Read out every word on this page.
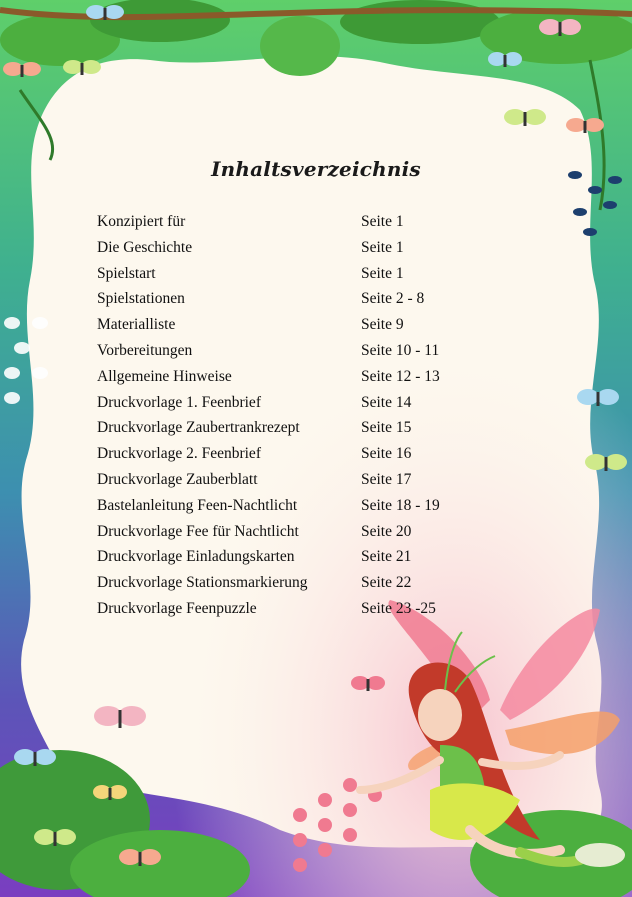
Inhaltsverzeichnis
Konzipiert für	Seite 1
Die Geschichte	Seite 1
Spielstart	Seite 1
Spielstationen	Seite 2 - 8
Materialliste	Seite 9
Vorbereitungen	Seite 10 - 11
Allgemeine Hinweise	Seite 12 - 13
Druckvorlage 1. Feenbrief	Seite 14
Druckvorlage Zaubertrankrezept	Seite 15
Druckvorlage 2. Feenbrief	Seite 16
Druckvorlage Zauberblatt	Seite 17
Bastelanleitung Feen-Nachtlicht	Seite 18 - 19
Druckvorlage Fee für Nachtlicht	Seite 20
Druckvorlage Einladungskarten	Seite 21
Druckvorlage Stationsmarkierung	Seite 22
Druckvorlage Feenpuzzle	Seite 23 -25
